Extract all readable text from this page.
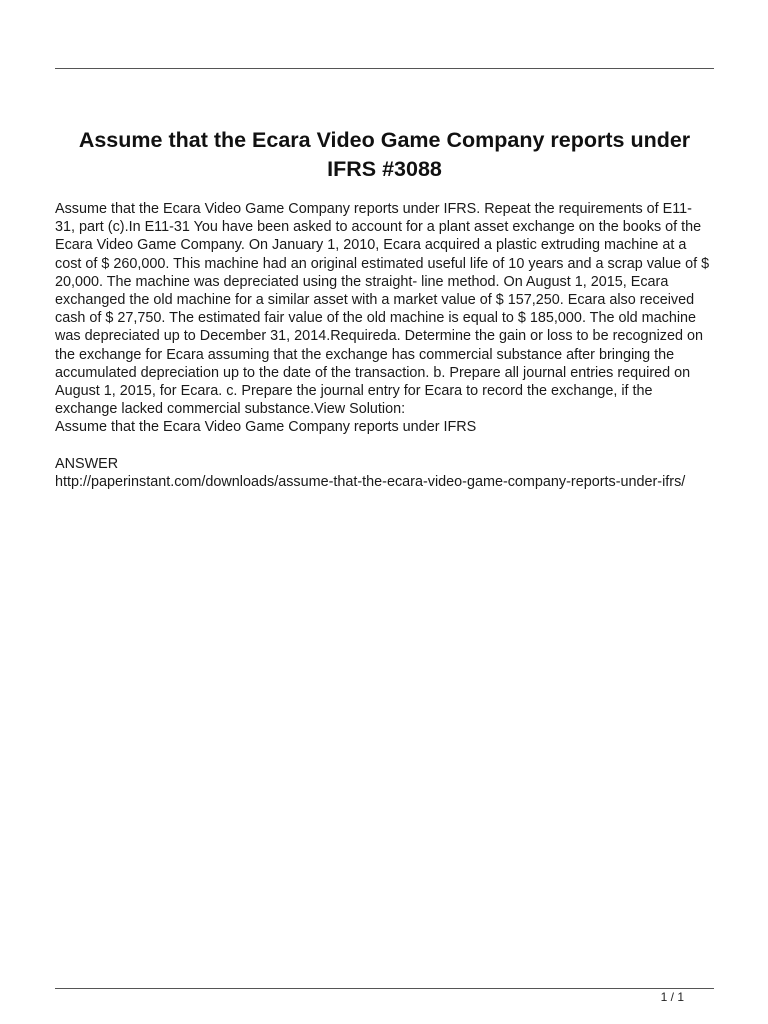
Assume that the Ecara Video Game Company reports under IFRS #3088

Assume that the Ecara Video Game Company reports under IFRS. Repeat the requirements of E11- 31, part (c).In E11-31 You have been asked to account for a plant asset exchange on the books of the Ecara Video Game Company. On January 1, 2010, Ecara acquired a plastic extruding machine at a cost of $ 260,000. This machine had an original estimated useful life of 10 years and a scrap value of $ 20,000. The machine was depreciated using the straight- line method. On August 1, 2015, Ecara exchanged the old machine for a similar asset with a market value of $ 157,250. Ecara also received cash of $ 27,750. The estimated fair value of the old machine is equal to $ 185,000. The old machine was depreciated up to December 31, 2014.Requireda. Determine the gain or loss to be recognized on the exchange for Ecara assuming that the exchange has commercial substance after bringing the accumulated depreciation up to the date of the transaction. b. Prepare all journal entries required on August 1, 2015, for Ecara. c. Prepare the journal entry for Ecara to record the exchange, if the exchange lacked commercial substance.View Solution:

Assume that the Ecara Video Game Company reports under IFRS

ANSWER

http://paperinstant.com/downloads/assume-that-the-ecara-video-game-company-reports-under-ifrs/

1 / 1
